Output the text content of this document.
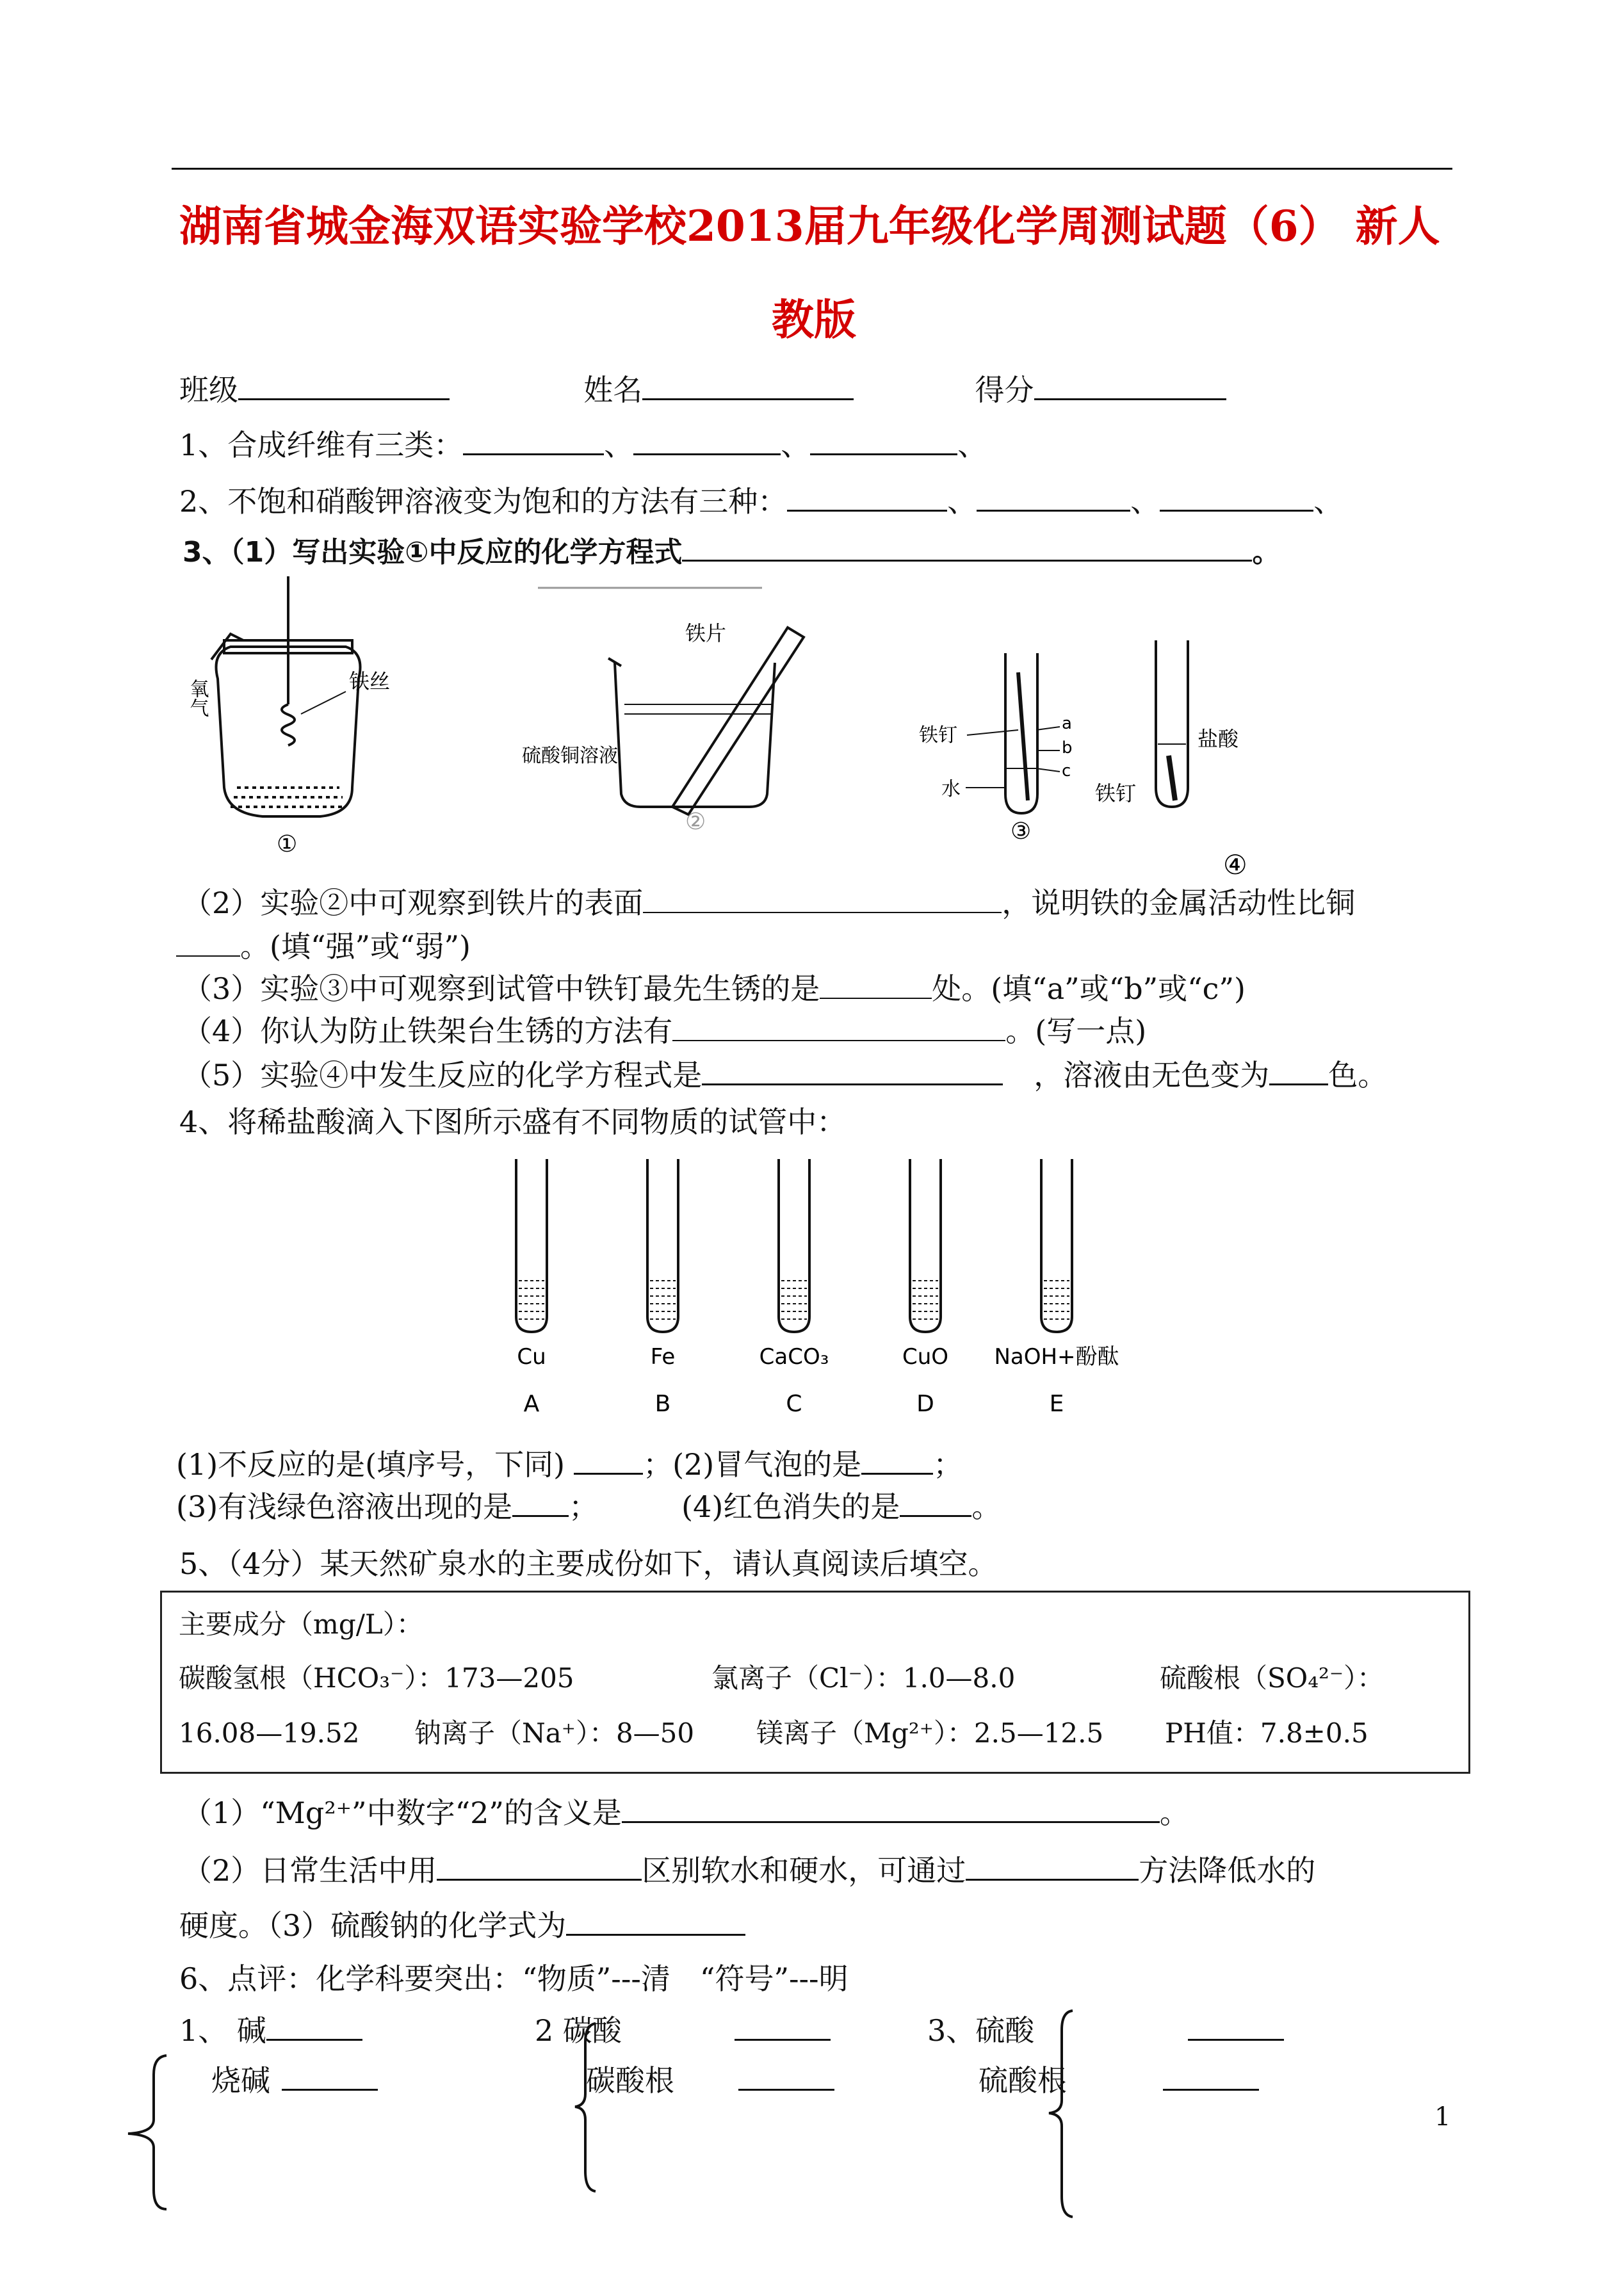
湖南省城金海双语实验学校2013届九年级化学周测试题（6） 新人
教版
班级	姓名	得分
1、合成纤维有三类：	、	、	、
2、不饱和硝酸钾溶液变为饱和的方法有三种：	、	、	、
3、（1）写出实验①中反应的化学方程式	。
氧气	铁丝
①
铁片
硫酸铜溶液
②
铁钉
水
a
b
c
③
盐酸
铁钉
④
（2）实验②中可观察到铁片的表面	，说明铁的金属活动性比铜
。(填“强”或“弱”)
（3）实验③中可观察到试管中铁钉最先生锈的是	处。(填“a”或“b”或“c”)
（4）你认为防止铁架台生锈的方法有	。(写一点)
（5）实验④中发生反应的化学方程式是	，溶液由无色变为 色。
4、将稀盐酸滴入下图所示盛有不同物质的试管中：
Cu
A
Fe
B
CaCO₃
C
CuO
D
NaOH+酚酞
E
(1)不反应的是(填序号，下同)	；(2)冒气泡的是 ；
(3)有浅绿色溶液出现的是 ；	(4)红色消失的是 。
5、（4分）某天然矿泉水的主要成份如下，请认真阅读后填空。
主要成分（mg/L）：
碳酸氢根（HCO₃⁻）：173—205	氯离子（Cl⁻）：1.0—8.0	硫酸根（SO₄²⁻）：
16.08—19.52 钠离子（Na⁺）：8—50 镁离子（Mg²⁺）：2.5—12.5 PH值：7.8±0.5
（1）“Mg²⁺”中数字“2”的含义是	。
（2）日常生活中用	区别软水和硬水，可通过	方法降低水的
硬度。（3）硫酸钠的化学式为
6、点评：化学科要突出：“物质”---清　“符号”---明
1、 碱
烧碱
2 碳酸
碳酸根
3、硫酸
硫酸根
1
